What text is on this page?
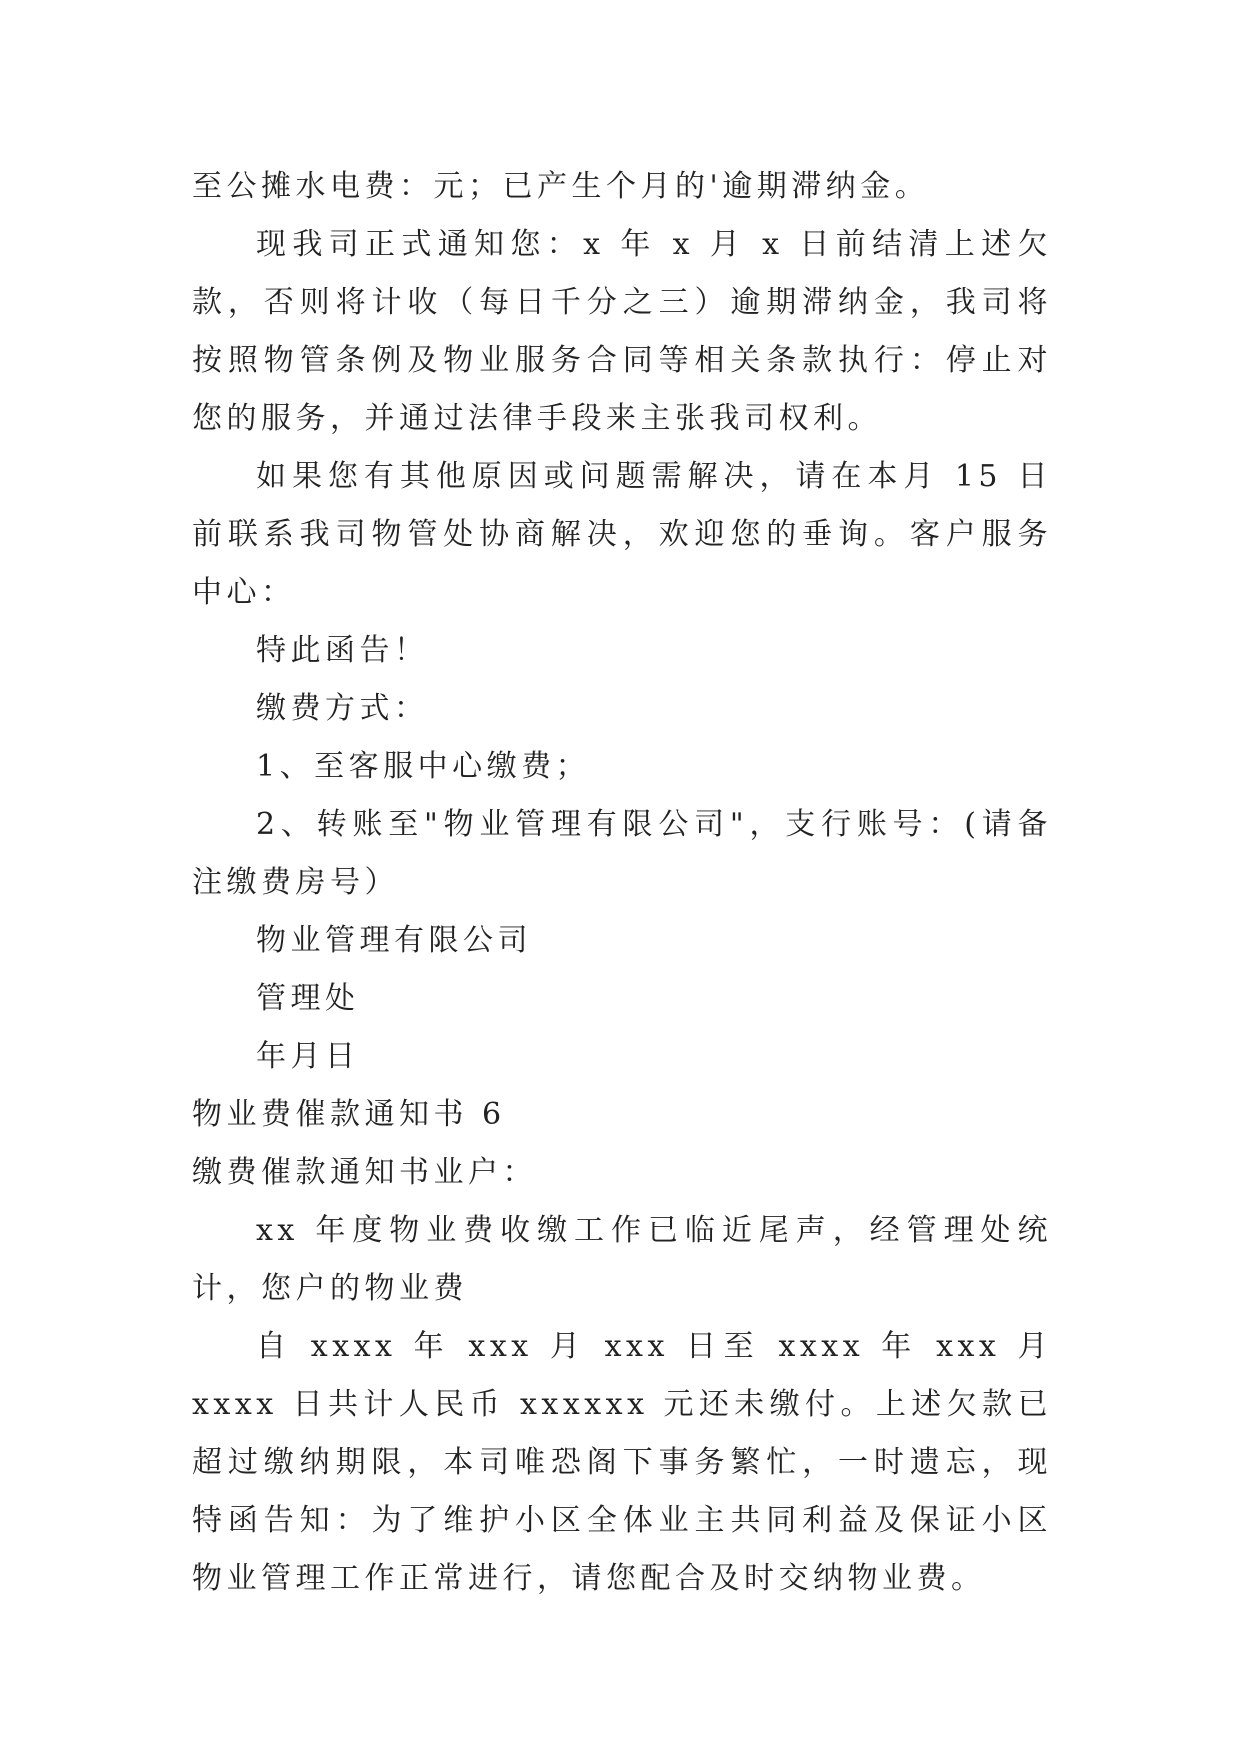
至公摊水电费：元；已产生个月的'逾期滞纳金。

现我司正式通知您：x 年 x 月 x 日前结清上述欠款，否则将计收（每日千分之三）逾期滞纳金，我司将按照物管条例及物业服务合同等相关条款执行：停止对您的服务，并通过法律手段来主张我司权利。

如果您有其他原因或问题需解决，请在本月 15 日前联系我司物管处协商解决，欢迎您的垂询。客户服务中心：

特此函告！

缴费方式：

1、至客服中心缴费；

2、转账至"物业管理有限公司"，支行账号：(请备注缴费房号）

物业管理有限公司

管理处

年月日

物业费催款通知书 6

缴费催款通知书业户：

xx 年度物业费收缴工作已临近尾声，经管理处统计，您户的物业费

自 xxxx 年 xxx 月 xxx 日至 xxxx 年 xxx 月 xxxx 日共计人民币 xxxxxx 元还未缴付。上述欠款已超过缴纳期限，本司唯恐阁下事务繁忙，一时遗忘，现特函告知：为了维护小区全体业主共同利益及保证小区物业管理工作正常进行，请您配合及时交纳物业费。
